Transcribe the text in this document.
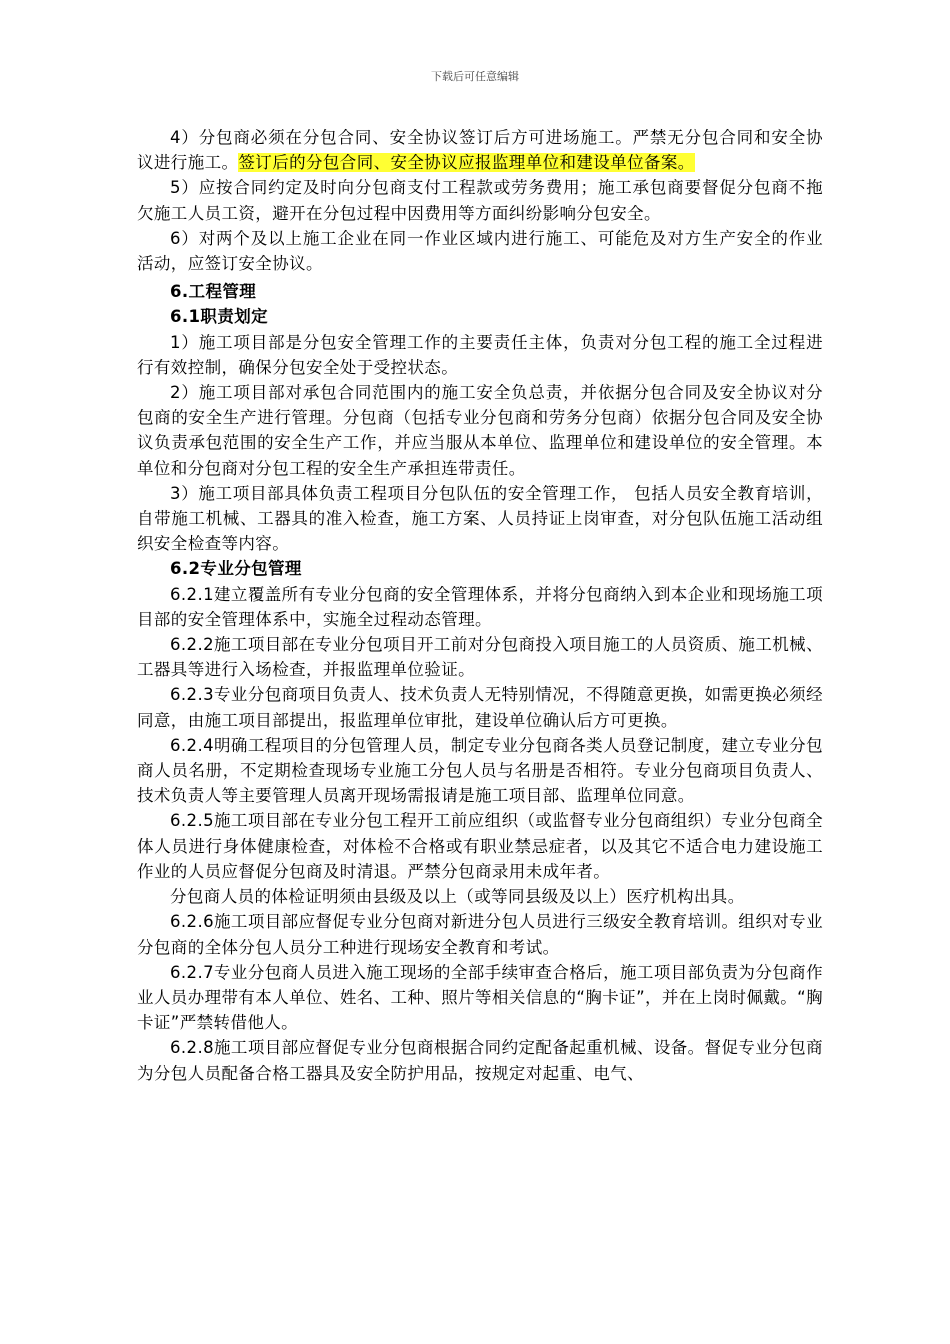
下载后可任意编辑

4）分包商必须在分包合同、安全协议签订后方可进场施工。严禁无分包合同和安全协议进行施工。签订后的分包合同、安全协议应报监理单位和建设单位备案。

5）应按合同约定及时向分包商支付工程款或劳务费用；施工承包商要督促分包商不拖欠施工人员工资，避开在分包过程中因费用等方面纠纷影响分包安全。

6）对两个及以上施工企业在同一作业区域内进行施工、可能危及对方生产安全的作业活动，应签订安全协议。

6.工程管理

6.1职责划定

1）施工项目部是分包安全管理工作的主要责任主体，负责对分包工程的施工全过程进行有效控制，确保分包安全处于受控状态。

2）施工项目部对承包合同范围内的施工安全负总责，并依据分包合同及安全协议对分包商的安全生产进行管理。分包商（包括专业分包商和劳务分包商）依据分包合同及安全协议负责承包范围的安全生产工作，并应当服从本单位、监理单位和建设单位的安全管理。本单位和分包商对分包工程的安全生产承担连带责任。

3）施工项目部具体负责工程项目分包队伍的安全管理工作， 包括人员安全教育培训，自带施工机械、工器具的准入检查，施工方案、人员持证上岗审查，对分包队伍施工活动组织安全检查等内容。

6.2专业分包管理

6.2.1建立覆盖所有专业分包商的安全管理体系，并将分包商纳入到本企业和现场施工项目部的安全管理体系中，实施全过程动态管理。

6.2.2施工项目部在专业分包项目开工前对分包商投入项目施工的人员资质、施工机械、工器具等进行入场检查，并报监理单位验证。

6.2.3专业分包商项目负责人、技术负责人无特别情况，不得随意更换，如需更换必须经同意，由施工项目部提出，报监理单位审批，建设单位确认后方可更换。

6.2.4明确工程项目的分包管理人员，制定专业分包商各类人员登记制度，建立专业分包商人员名册，不定期检查现场专业施工分包人员与名册是否相符。专业分包商项目负责人、技术负责人等主要管理人员离开现场需报请是施工项目部、监理单位同意。

6.2.5施工项目部在专业分包工程开工前应组织（或监督专业分包商组织）专业分包商全体人员进行身体健康检查，对体检不合格或有职业禁忌症者，以及其它不适合电力建设施工作业的人员应督促分包商及时清退。严禁分包商录用未成年者。

分包商人员的体检证明须由县级及以上（或等同县级及以上）医疗机构出具。

6.2.6施工项目部应督促专业分包商对新进分包人员进行三级安全教育培训。组织对专业分包商的全体分包人员分工种进行现场安全教育和考试。

6.2.7专业分包商人员进入施工现场的全部手续审查合格后，施工项目部负责为分包商作业人员办理带有本人单位、姓名、工种、照片等相关信息的“胸卡证”，并在上岗时佩戴。“胸卡证”严禁转借他人。

6.2.8施工项目部应督促专业分包商根据合同约定配备起重机械、设备。督促专业分包商为分包人员配备合格工器具及安全防护用品，按规定对起重、电气、
